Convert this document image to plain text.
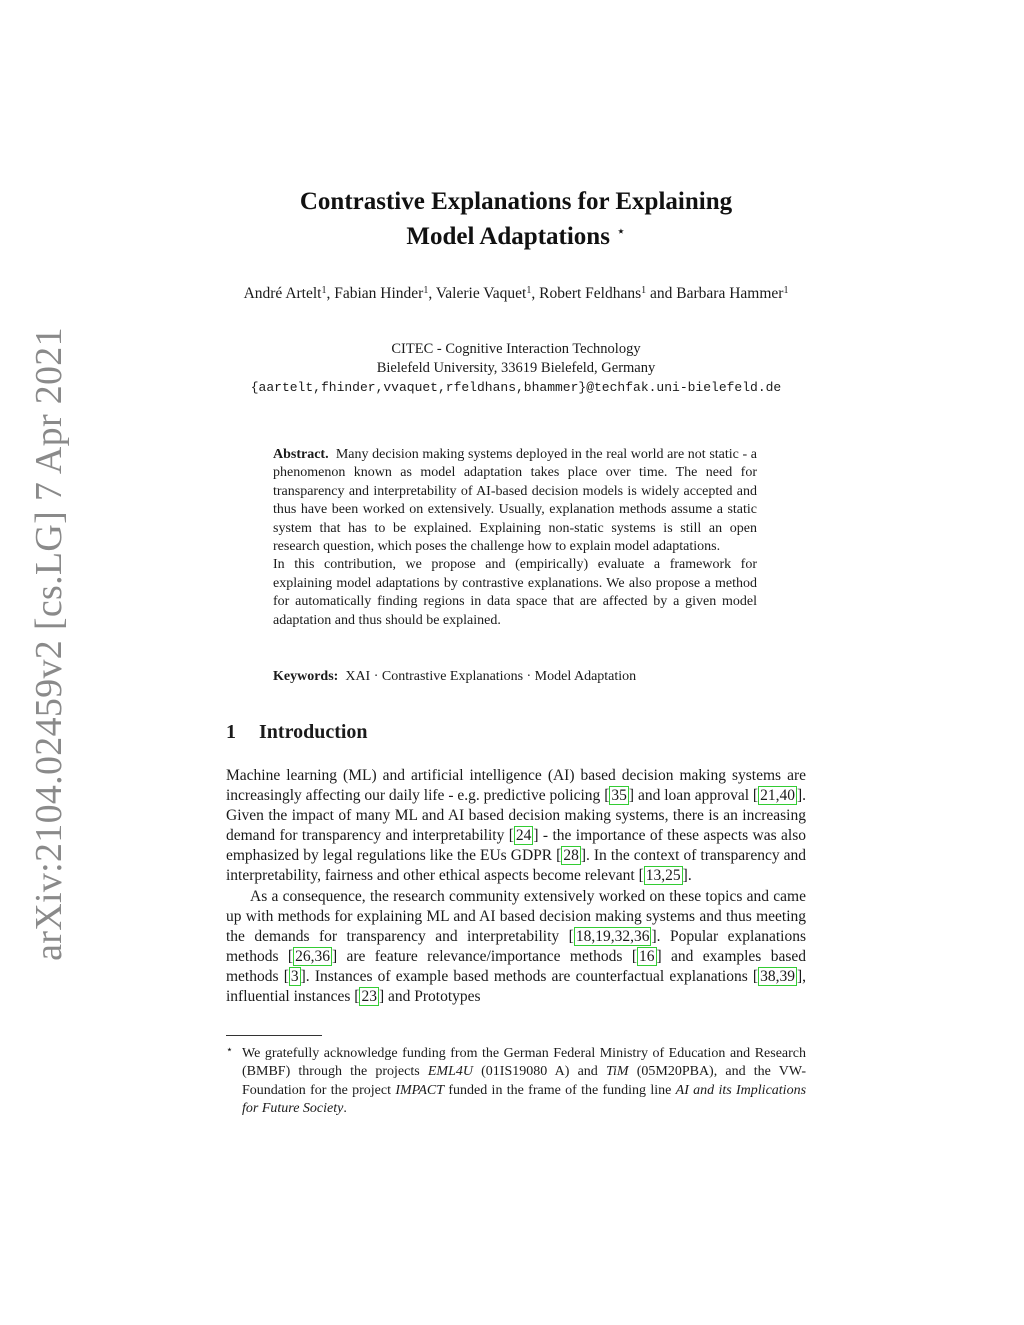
arXiv:2104.02459v2 [cs.LG] 7 Apr 2021
Contrastive Explanations for Explaining
Model Adaptations ⋆
André Artelt$^1$, Fabian Hinder$^1$, Valerie Vaquet$^1$, Robert Feldhans$^1$ and Barbara Hammer$^1$
CITEC - Cognitive Interaction Technology
Bielefeld University, 33619 Bielefeld, Germany
{aartelt,fhinder,vvaquet,rfeldhans,bhammer}@techfak.uni-bielefeld.de

Abstract. Many decision making systems deployed in the real world are not static - a phenomenon known as model adaptation takes place over time. The need for transparency and interpretability of AI-based decision models is widely accepted and thus have been worked on extensively. Usually, explanation methods assume a static system that has to be explained. Explaining non-static systems is still an open research question, which poses the challenge how to explain model adaptations.

In this contribution, we propose and (empirically) evaluate a framework for explaining model adaptations by contrastive explanations. We also propose a method for automatically finding regions in data space that are affected by a given model adaptation and thus should be explained.

Keywords: XAI · Contrastive Explanations · Model Adaptation
1 Introduction

Machine learning (ML) and artificial intelligence (AI) based decision making systems are increasingly affecting our daily life - e.g. predictive policing [ 35 ] and loan approval [ 21,40 ]. Given the impact of many ML and AI based decision making systems, there is an increasing demand for transparency and interpretability [ 24 ] - the importance of these aspects was also emphasized by legal regulations like the EUs GDPR [ 28 ]. In the context of transparency and interpretability, fairness and other ethical aspects become relevant [ 13,25 ].

As a consequence, the research community extensively worked on these topics and came up with methods for explaining ML and AI based decision making systems and thus meeting the demands for transparency and interpretability [ 18,19,32,36 ]. Popular explanations methods [ 26,36 ] are feature relevance/importance methods [ 16 ] and examples based methods [ 3 ]. Instances of example based methods are counterfactual explanations [ 38,39 ], influential instances [ 23 ] and Prototypes

⋆ We gratefully acknowledge funding from the German Federal Ministry of Education and Research (BMBF) through the projects EML4U (01IS19080 A) and TiM (05M20PBA), and the VW-Foundation for the project IMPACT funded in the frame of the funding line AI and its Implications for Future Society.
